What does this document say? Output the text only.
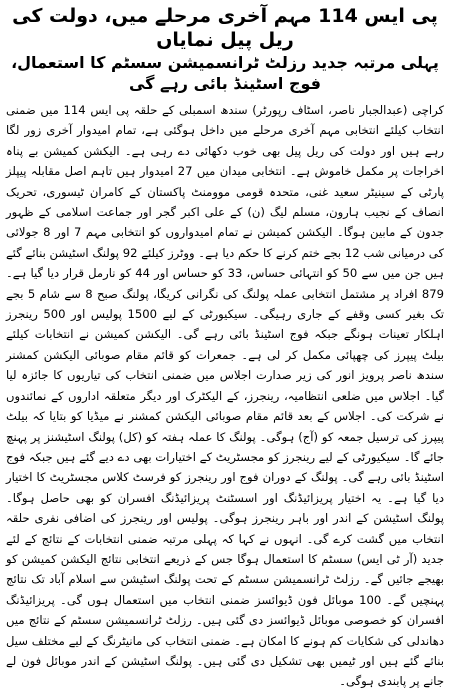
پی ایس 114 مہم آخری مرحلے میں، دولت کی ریل پیل نمایاں
پہلی مرتبہ جدید رزلٹ ٹرانسمیشن سسٹم کا استعمال، فوج اسٹینڈ بائی رہے گی

کراچی (عبدالجبار ناصر، اسٹاف رپورٹر) سندھ اسمبلی کے حلقہ پی ایس 114 میں ضمنی انتخاب کیلئے انتخابی مہم آخری مرحلے میں داخل ہوگئی ہے، تمام امیدوار آخری زور لگا رہے ہیں اور دولت کی ریل پیل بھی خوب دکھائی دے رہی ہے۔ الیکشن کمیشن بے پناہ اخراجات پر مکمل خاموش ہے۔ انتخابی میدان میں 27 امیدوار ہیں تاہم اصل مقابلہ پیپلز پارٹی کے سینیٹر سعید غنی، متحدہ قومی موومنٹ پاکستان کے کامران ٹیسوری، تحریک انصاف کے نجیب ہارون، مسلم لیگ (ن) کے علی اکبر گجر اور جماعت اسلامی کے ظہور جدون کے مابین ہوگا۔ الیکشن کمیشن نے تمام امیدواروں کو انتخابی مہم 7 اور 8 جولائی کی درمیانی شب 12 بجے ختم کرنے کا حکم دیا ہے۔ ووٹرز کیلئے 92 پولنگ اسٹیشن بنائے گئے ہیں جن میں سے 50 کو انتہائی حساس، 33 کو حساس اور 44 کو نارمل قرار دیا گیا ہے۔ 879 افراد پر مشتمل انتخابی عملہ پولنگ کی نگرانی کریگا، پولنگ صبح 8 سے شام 5 بجے تک بغیر کسی وقفے کے جاری رہیگی۔ سیکیورٹی کے لیے 1500 پولیس اور 500 رینجرز اہلکار تعینات ہونگے جبکہ فوج اسٹینڈ بائی رہے گی۔ الیکشن کمیشن نے انتخابات کیلئے بیلٹ پیپرز کی چھپائی مکمل کر لی ہے۔ جمعرات کو قائم مقام صوبائی الیکشن کمشنر سندھ ناصر پرویز انور کی زیر صدارت اجلاس میں ضمنی انتخاب کی تیاریوں کا جائزہ لیا گیا۔ اجلاس میں ضلعی انتظامیہ، رینجرز، کے الیکٹرک اور دیگر متعلقہ اداروں کے نمائندوں نے شرکت کی۔ اجلاس کے بعد قائم مقام صوبائی الیکشن کمشنر نے میڈیا کو بتایا کہ بیلٹ پیپرز کی ترسیل جمعہ کو (آج) ہوگی۔ پولنگ کا عملہ ہفتہ کو (کل) پولنگ اسٹیشنز پر پہنچ جائے گا۔ سیکیورٹی کے لیے رینجرز کو مجسٹریٹ کے اختیارات بھی دے دیے گئے ہیں جبکہ فوج اسٹینڈ بائی رہے گی۔ پولنگ کے دوران فوج اور رینجرز کو فرسٹ کلاس مجسٹریٹ کا اختیار دیا گیا ہے۔ یہ اختیار پریزائیڈنگ اور اسسٹنٹ پریزائیڈنگ افسران کو بھی حاصل ہوگا۔ پولنگ اسٹیشن کے اندر اور باہر رینجرز ہوگی۔ پولیس اور رینجرز کی اضافی نفری حلقہ انتخاب میں گشت کرے گی۔ انہوں نے کہا کہ پہلی مرتبہ ضمنی انتخابات کے نتائج کے لئے جدید (آر ٹی ایس) سسٹم کا استعمال ہوگا جس کے ذریعے انتخابی نتائج الیکشن کمیشن کو بھیجے جائیں گے۔ رزلٹ ٹرانسمیشن سسٹم کے تحت پولنگ اسٹیشن سے اسلام آباد تک نتائج پہنچیں گے۔ 100 موبائل فون ڈیوائسز ضمنی انتخاب میں استعمال ہوں گی۔ پریزائیڈنگ افسران کو خصوصی موبائل ڈیوائسز دی گئی ہیں۔ رزلٹ ٹرانسمیشن سسٹم کے نتائج میں دھاندلی کی شکایات کم ہونے کا امکان ہے۔ ضمنی انتخاب کی مانیٹرنگ کے لیے مختلف سیل بنائے گئے ہیں اور ٹیمیں بھی تشکیل دی گئی ہیں۔ پولنگ اسٹیشن کے اندر موبائل فون لے جانے پر پابندی ہوگی۔
